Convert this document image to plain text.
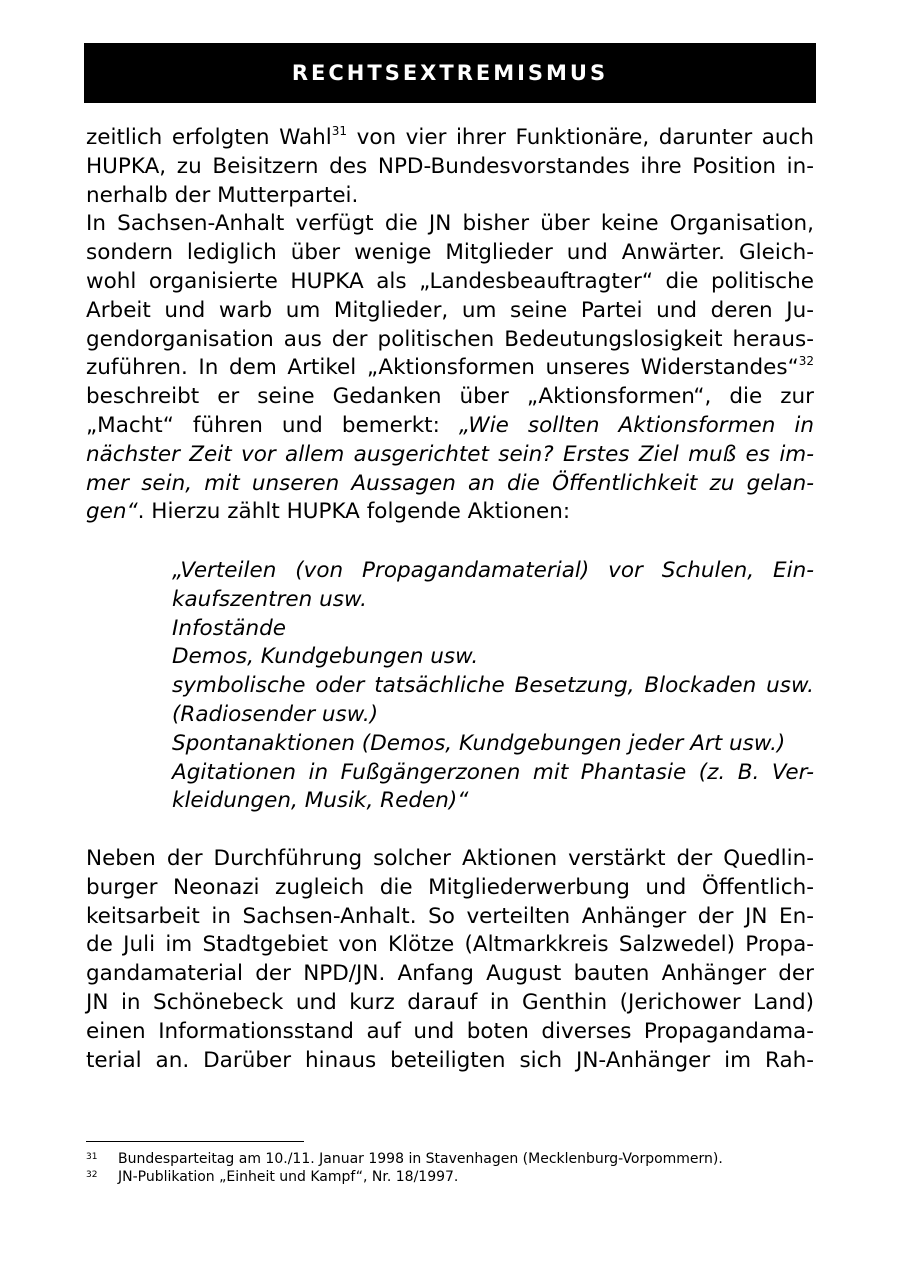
RECHTSEXTREMISMUS
zeitlich erfolgten Wahl$^{31}$ von vier ihrer Funktionäre, darunter auch
HUPKA, zu Beisitzern des NPD-Bundesvorstandes ihre Position in-
nerhalb der Mutterpartei.
In Sachsen-Anhalt verfügt die JN bisher über keine Organisation,
sondern lediglich über wenige Mitglieder und Anwärter. Gleich-
wohl organisierte HUPKA als „Landesbeauftragter“ die politische
Arbeit und warb um Mitglieder, um seine Partei und deren Ju-
gendorganisation aus der politischen Bedeutungslosigkeit heraus-
zuführen. In dem Artikel „Aktionsformen unseres Widerstandes“$^{32}$
beschreibt er seine Gedanken über „Aktionsformen“, die zur
„Macht“ führen und bemerkt: „Wie sollten Aktionsformen in
nächster Zeit vor allem ausgerichtet sein? Erstes Ziel muß es im-
mer sein, mit unseren Aussagen an die Öffentlichkeit zu gelan-
gen“. Hierzu zählt HUPKA folgende Aktionen:
„Verteilen (von Propagandamaterial) vor Schulen, Ein-
kaufszentren usw.
Infostände
Demos, Kundgebungen usw.
symbolische oder tatsächliche Besetzung, Blockaden usw.
(Radiosender usw.)
Spontanaktionen (Demos, Kundgebungen jeder Art usw.)
Agitationen in Fußgängerzonen mit Phantasie (z. B. Ver-
kleidungen, Musik, Reden)“
Neben der Durchführung solcher Aktionen verstärkt der Quedlin-
burger Neonazi zugleich die Mitgliederwerbung und Öffentlich-
keitsarbeit in Sachsen-Anhalt. So verteilten Anhänger der JN En-
de Juli im Stadtgebiet von Klötze (Altmarkkreis Salzwedel) Propa-
gandamaterial der NPD/JN. Anfang August bauten Anhänger der
JN in Schönebeck und kurz darauf in Genthin (Jerichower Land)
einen Informationsstand auf und boten diverses Propagandama-
terial an. Darüber hinaus beteiligten sich JN-Anhänger im Rah-
31	Bundesparteitag am 10./11. Januar 1998 in Stavenhagen (Mecklenburg-Vorpommern).
32	JN-Publikation „Einheit und Kampf“, Nr. 18/1997.
